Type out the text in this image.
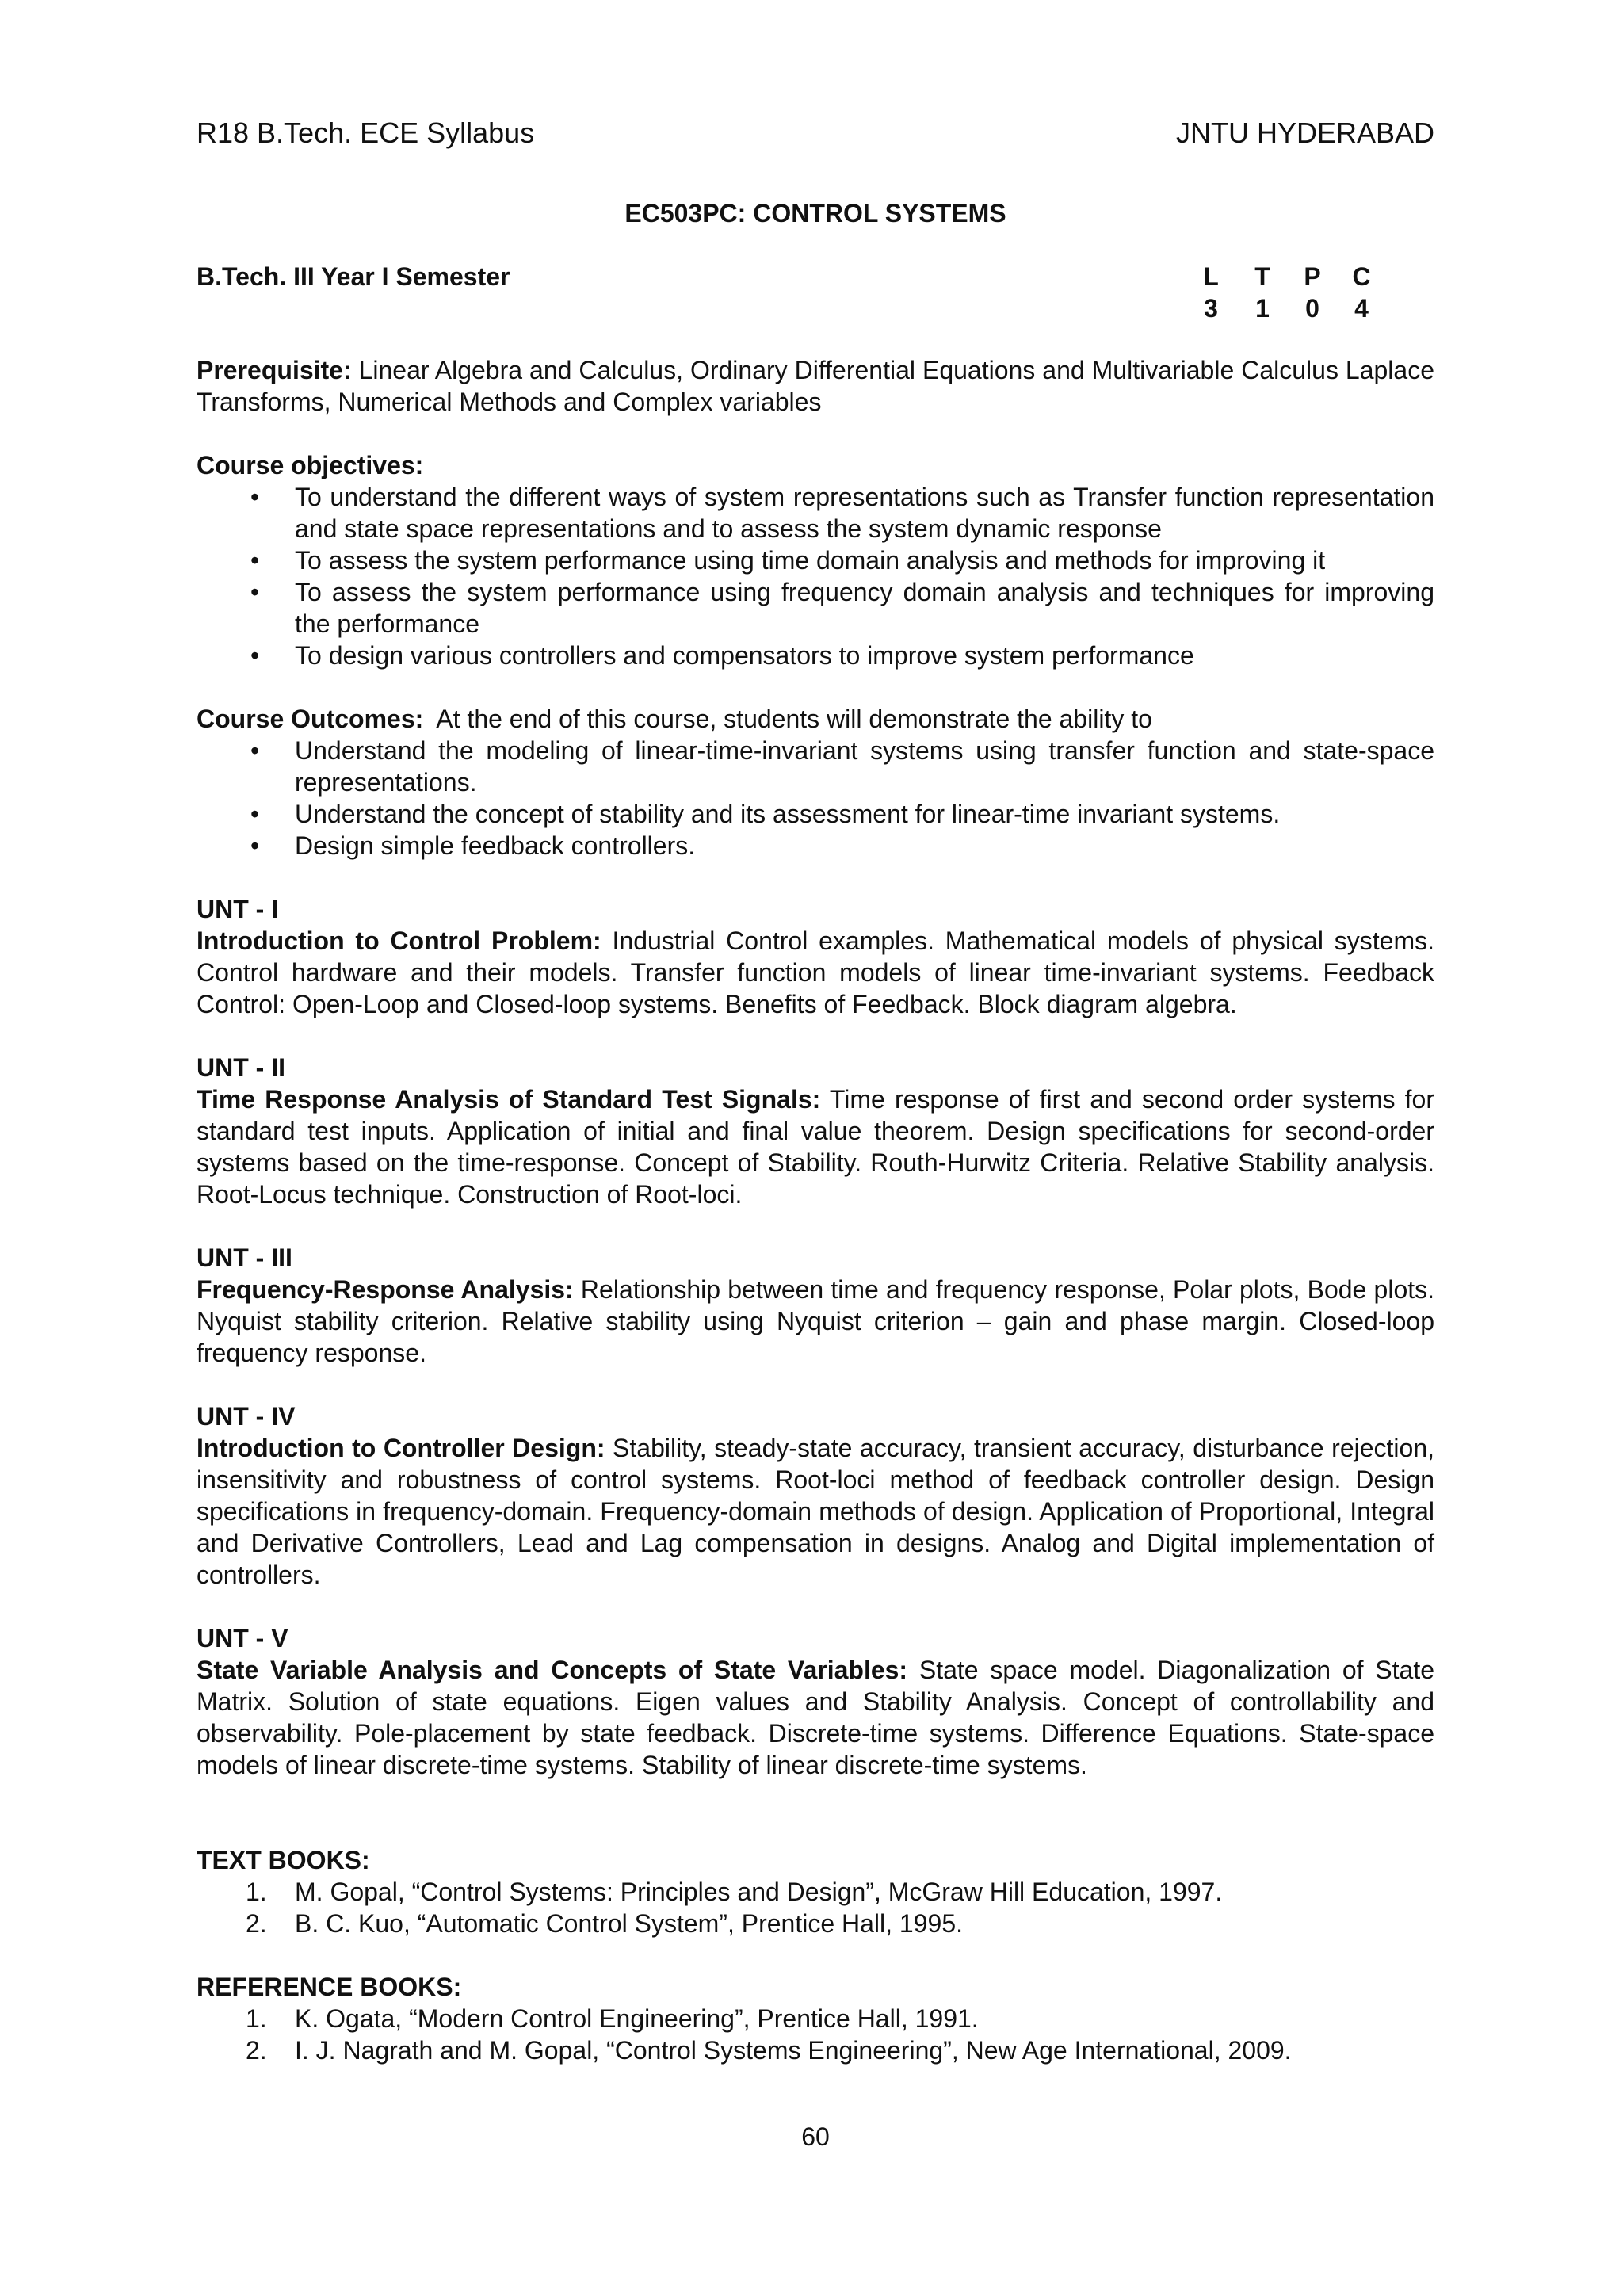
R18 B.Tech. ECE Syllabus	JNTU HYDERABAD
EC503PC: CONTROL SYSTEMS
B.Tech. III Year I Semester	L	T	P C
3	1	0	4

Prerequisite: Linear Algebra and Calculus, Ordinary Differential Equations and Multivariable Calculus Laplace Transforms, Numerical Methods and Complex variables

Course objectives:

• To understand the different ways of system representations such as Transfer function representation and state space representations and to assess the system dynamic response
• To assess the system performance using time domain analysis and methods for improving it
• To assess the system performance using frequency domain analysis and techniques for improving the performance
• To design various controllers and compensators to improve system performance

Course Outcomes: At the end of this course, students will demonstrate the ability to

• Understand the modeling of linear-time-invariant systems using transfer function and state-space representations.
• Understand the concept of stability and its assessment for linear-time invariant systems.
• Design simple feedback controllers.

UNT - I

Introduction to Control Problem: Industrial Control examples. Mathematical models of physical systems. Control hardware and their models. Transfer function models of linear time-invariant systems. Feedback Control: Open-Loop and Closed-loop systems. Benefits of Feedback. Block diagram algebra.

UNT - II

Time Response Analysis of Standard Test Signals: Time response of first and second order systems for standard test inputs. Application of initial and final value theorem. Design specifications for second-order systems based on the time-response. Concept of Stability. Routh-Hurwitz Criteria. Relative Stability analysis. Root-Locus technique. Construction of Root-loci.

UNT - III

Frequency-Response Analysis: Relationship between time and frequency response, Polar plots, Bode plots. Nyquist stability criterion. Relative stability using Nyquist criterion – gain and phase margin. Closed-loop frequency response.

UNT - IV

Introduction to Controller Design: Stability, steady-state accuracy, transient accuracy, disturbance rejection, insensitivity and robustness of control systems. Root-loci method of feedback controller design. Design specifications in frequency-domain. Frequency-domain methods of design. Application of Proportional, Integral and Derivative Controllers, Lead and Lag compensation in designs. Analog and Digital implementation of controllers.

UNT - V

State Variable Analysis and Concepts of State Variables: State space model. Diagonalization of State Matrix. Solution of state equations. Eigen values and Stability Analysis. Concept of controllability and observability. Pole-placement by state feedback. Discrete-time systems. Difference Equations. State-space models of linear discrete-time systems. Stability of linear discrete-time systems.

TEXT BOOKS:

1. M. Gopal, “Control Systems: Principles and Design”, McGraw Hill Education, 1997.
2. B. C. Kuo, “Automatic Control System”, Prentice Hall, 1995.

REFERENCE BOOKS:

1. K. Ogata, “Modern Control Engineering”, Prentice Hall, 1991.
2. I. J. Nagrath and M. Gopal, “Control Systems Engineering”, New Age International, 2009.
60
